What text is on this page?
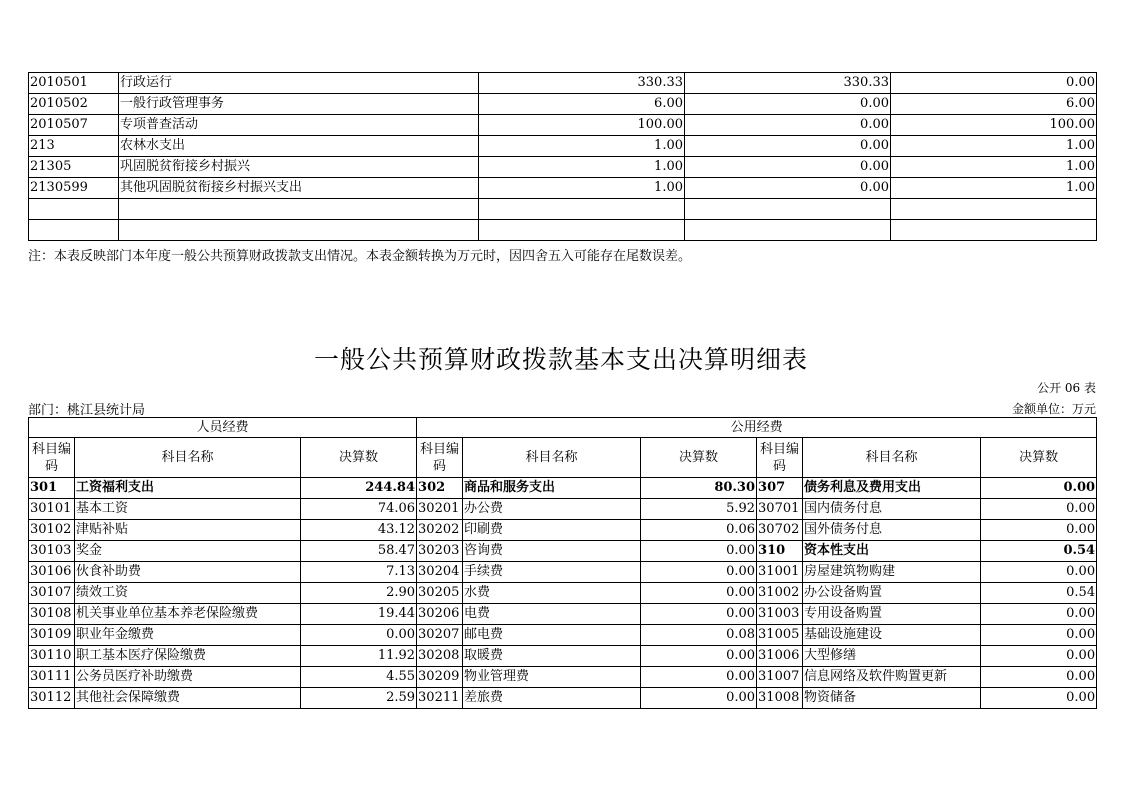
2010501	行政运行	330.33	330.33	0.00
2010502	一般行政管理事务	6.00	0.00	6.00
2010507	专项普查活动	100.00	0.00	100.00
213	农林水支出	1.00	0.00	1.00
21305	巩固脱贫衔接乡村振兴	1.00	0.00	1.00
2130599	其他巩固脱贫衔接乡村振兴支出	1.00	0.00	1.00

注：本表反映部门本年度一般公共预算财政拨款支出情况。本表金额转换为万元时，因四舍五入可能存在尾数误差。
一般公共预算财政拨款基本支出决算明细表
公开 06 表
部门：桃江县统计局	金额单位：万元
人员经费			公用经费					
科目编码	科目名称	决算数	科目编码	科目名称	决算数	科目编码	科目名称	决算数
301	工资福利支出	244.84	302	商品和服务支出	80.30	307	债务利息及费用支出	0.00
30101	基本工资	74.06	30201	办公费	5.92	30701	国内债务付息	0.00
30102	津贴补贴	43.12	30202	印刷费	0.06	30702	国外债务付息	0.00
30103	奖金	58.47	30203	咨询费	0.00	310	资本性支出	0.54
30106	伙食补助费	7.13	30204	手续费	0.00	31001	房屋建筑物购建	0.00
30107	绩效工资	2.90	30205	水费	0.00	31002	办公设备购置	0.54
30108	机关事业单位基本养老保险缴费	19.44	30206	电费	0.00	31003	专用设备购置	0.00
30109	职业年金缴费	0.00	30207	邮电费	0.08	31005	基础设施建设	0.00
30110	职工基本医疗保险缴费	11.92	30208	取暖费	0.00	31006	大型修缮	0.00
30111	公务员医疗补助缴费	4.55	30209	物业管理费	0.00	31007	信息网络及软件购置更新	0.00
30112	其他社会保障缴费	2.59	30211	差旅费	0.00	31008	物资储备	0.00
